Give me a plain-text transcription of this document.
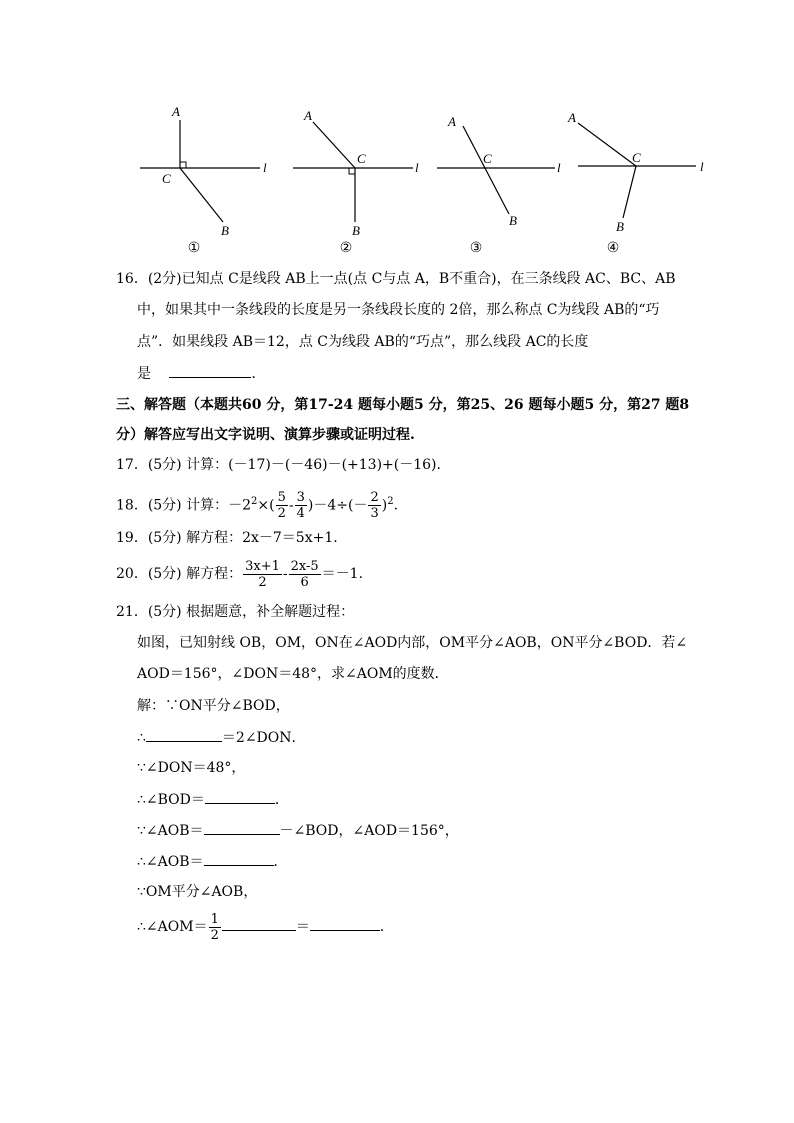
A
C
B
l
①
A
C
B
l
②
A
C
B
l
③
A
C
B
l
④
16．(2分)已知点 C是线段 AB上一点(点 C与点 A，B不重合)，在三条线段 AC、BC、AB
中，如果其中一条线段的长度是另一条线段长度的 2倍，那么称点 C为线段 AB的“巧
点”．如果线段 AB＝12，点 C为线段 AB的“巧点”，那么线段 AC的长度
是	．
三、解答题（本题共60 分，第17-24 题每小题5 分，第25、26 题每小题5 分，第27 题8
分）解答应写出文字说明、演算步骤或证明过程.
17．(5分) 计算：(－17)－(－46)－(+13)+(－16).
18．(5分) 计算：$-2^2\times( \frac{5}{2} - \frac{3}{4} )-4\div(- \frac{2}{3} )^2$.
19．(5分) 解方程：2x－7＝5x+1.
20．(5分) 解方程： $\frac{3x+1}{2} - \frac{2x-5}{6} =-1$.
21．(5分) 根据题意，补全解题过程：
如图，已知射线 OB，OM，ON在∠AOD内部，OM平分∠AOB，ON平分∠BOD．若∠
AOD＝156°，∠DON＝48°，求∠AOM的度数．
解：∵ON平分∠BOD，
∴	＝2∠DON．
∵∠DON＝48°，
∴∠BOD＝	．
∵∠AOB＝	－∠BOD，∠AOD＝156°，
∴∠AOB＝	．
∵OM平分∠AOB，
∴∠AOM＝ $\frac{1}{2}$	＝	．
